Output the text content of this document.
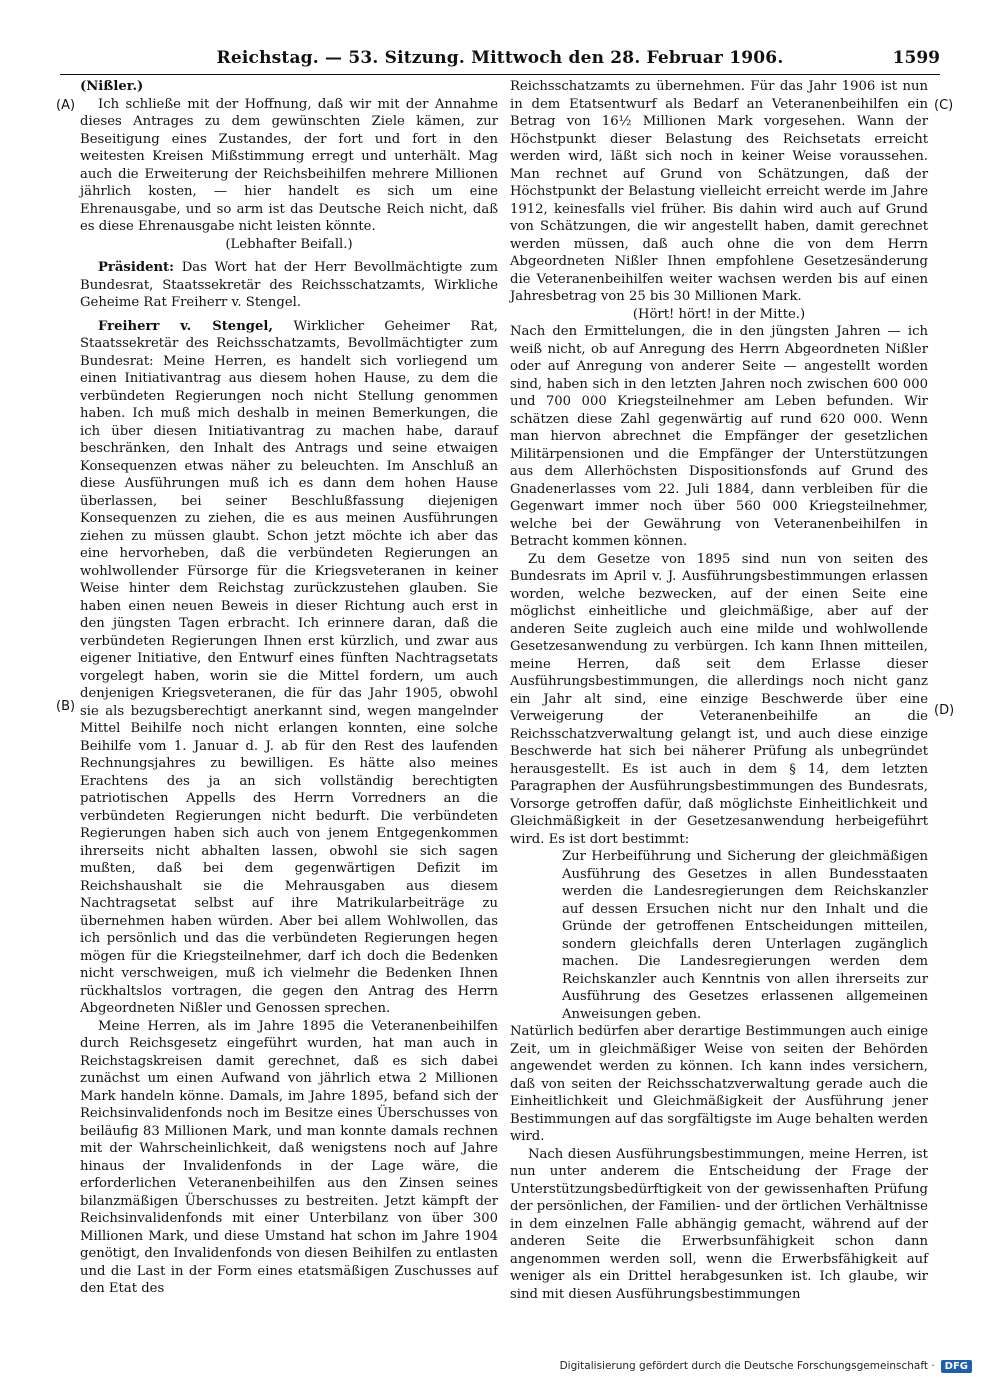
Reichstag. — 53. Sitzung. Mittwoch den 28. Februar 1906.	1599
(A)
(B)
(C)
(D)

(Nißler.)

Ich schließe mit der Hoffnung, daß wir mit der Annahme dieses Antrages zu dem gewünschten Ziele kämen, zur Beseitigung eines Zustandes, der fort und fort in den weitesten Kreisen Mißstimmung erregt und unterhält. Mag auch die Erweiterung der Reichsbeihilfen mehrere Millionen jährlich kosten, — hier handelt es sich um eine Ehrenausgabe, und so arm ist das Deutsche Reich nicht, daß es diese Ehrenausgabe nicht leisten könnte.

(Lebhafter Beifall.)

Präsident: Das Wort hat der Herr Bevollmächtigte zum Bundesrat, Staatssekretär des Reichsschatzamts, Wirkliche Geheime Rat Freiherr v. Stengel.

Freiherr v. Stengel, Wirklicher Geheimer Rat, Staatssekretär des Reichsschatzamts, Bevollmächtigter zum Bundesrat: Meine Herren, es handelt sich vorliegend um einen Initiativantrag aus diesem hohen Hause, zu dem die verbündeten Regierungen noch nicht Stellung genommen haben. Ich muß mich deshalb in meinen Bemerkungen, die ich über diesen Initiativantrag zu machen habe, darauf beschränken, den Inhalt des Antrags und seine etwaigen Konsequenzen etwas näher zu beleuchten. Im Anschluß an diese Ausführungen muß ich es dann dem hohen Hause überlassen, bei seiner Beschlußfassung diejenigen Konsequenzen zu ziehen, die es aus meinen Ausführungen ziehen zu müssen glaubt. Schon jetzt möchte ich aber das eine hervorheben, daß die verbündeten Regierungen an wohlwollender Fürsorge für die Kriegsveteranen in keiner Weise hinter dem Reichstag zurückzustehen glauben. Sie haben einen neuen Beweis in dieser Richtung auch erst in den jüngsten Tagen erbracht. Ich erinnere daran, daß die verbündeten Regierungen Ihnen erst kürzlich, und zwar aus eigener Initiative, den Entwurf eines fünften Nachtragsetats vorgelegt haben, worin sie die Mittel fordern, um auch denjenigen Kriegsveteranen, die für das Jahr 1905, obwohl sie als bezugsberechtigt anerkannt sind, wegen mangelnder Mittel Beihilfe noch nicht erlangen konnten, eine solche Beihilfe vom 1. Januar d. J. ab für den Rest des laufenden Rechnungsjahres zu bewilligen. Es hätte also meines Erachtens des ja an sich vollständig berechtigten patriotischen Appells des Herrn Vorredners an die verbündeten Regierungen nicht bedurft. Die verbündeten Regierungen haben sich auch von jenem Entgegenkommen ihrerseits nicht abhalten lassen, obwohl sie sich sagen mußten, daß bei dem gegenwärtigen Defizit im Reichshaushalt sie die Mehrausgaben aus diesem Nachtragsetat selbst auf ihre Matrikularbeiträge zu übernehmen haben würden. Aber bei allem Wohlwollen, das ich persönlich und das die verbündeten Regierungen hegen mögen für die Kriegsteilnehmer, darf ich doch die Bedenken nicht verschweigen, muß ich vielmehr die Bedenken Ihnen rückhaltslos vortragen, die gegen den Antrag des Herrn Abgeordneten Nißler und Genossen sprechen.

Meine Herren, als im Jahre 1895 die Veteranenbeihilfen durch Reichsgesetz eingeführt wurden, hat man auch in Reichstagskreisen damit gerechnet, daß es sich dabei zunächst um einen Aufwand von jährlich etwa 2 Millionen Mark handeln könne. Damals, im Jahre 1895, befand sich der Reichsinvalidenfonds noch im Besitze eines Überschusses von beiläufig 83 Millionen Mark, und man konnte damals rechnen mit der Wahrscheinlichkeit, daß wenigstens noch auf Jahre hinaus der Invalidenfonds in der Lage wäre, die erforderlichen Veteranenbeihilfen aus den Zinsen seines bilanzmäßigen Überschusses zu bestreiten. Jetzt kämpft der Reichsinvalidenfonds mit einer Unterbilanz von über 300 Millionen Mark, und diese Umstand hat schon im Jahre 1904 genötigt, den Invalidenfonds von diesen Beihilfen zu entlasten und die Last in der Form eines etatsmäßigen Zuschusses auf den Etat des

Reichsschatzamts zu übernehmen. Für das Jahr 1906 ist nun in dem Etatsentwurf als Bedarf an Veteranenbeihilfen ein Betrag von 16½ Millionen Mark vorgesehen. Wann der Höchstpunkt dieser Belastung des Reichsetats erreicht werden wird, läßt sich noch in keiner Weise voraussehen. Man rechnet auf Grund von Schätzungen, daß der Höchstpunkt der Belastung vielleicht erreicht werde im Jahre 1912, keinesfalls viel früher. Bis dahin wird auch auf Grund von Schätzungen, die wir angestellt haben, damit gerechnet werden müssen, daß auch ohne die von dem Herrn Abgeordneten Nißler Ihnen empfohlene Gesetzesänderung die Veteranenbeihilfen weiter wachsen werden bis auf einen Jahresbetrag von 25 bis 30 Millionen Mark.

(Hört! hört! in der Mitte.)

Nach den Ermittelungen, die in den jüngsten Jahren — ich weiß nicht, ob auf Anregung des Herrn Abgeordneten Nißler oder auf Anregung von anderer Seite — angestellt worden sind, haben sich in den letzten Jahren noch zwischen 600 000 und 700 000 Kriegsteilnehmer am Leben befunden. Wir schätzen diese Zahl gegenwärtig auf rund 620 000. Wenn man hiervon abrechnet die Empfänger der gesetzlichen Militärpensionen und die Empfänger der Unterstützungen aus dem Allerhöchsten Dispositionsfonds auf Grund des Gnadenerlasses vom 22. Juli 1884, dann verbleiben für die Gegenwart immer noch über 560 000 Kriegsteilnehmer, welche bei der Gewährung von Veteranenbeihilfen in Betracht kommen können.

Zu dem Gesetze von 1895 sind nun von seiten des Bundesrats im April v. J. Ausführungsbestimmungen erlassen worden, welche bezwecken, auf der einen Seite eine möglichst einheitliche und gleichmäßige, aber auf der anderen Seite zugleich auch eine milde und wohlwollende Gesetzesanwendung zu verbürgen. Ich kann Ihnen mitteilen, meine Herren, daß seit dem Erlasse dieser Ausführungsbestimmungen, die allerdings noch nicht ganz ein Jahr alt sind, eine einzige Beschwerde über eine Verweigerung der Veteranenbeihilfe an die Reichsschatzverwaltung gelangt ist, und auch diese einzige Beschwerde hat sich bei näherer Prüfung als unbegründet herausgestellt. Es ist auch in dem § 14, dem letzten Paragraphen der Ausführungsbestimmungen des Bundesrats, Vorsorge getroffen dafür, daß möglichste Einheitlichkeit und Gleichmäßigkeit in der Gesetzesanwendung herbeigeführt wird. Es ist dort bestimmt:

Zur Herbeiführung und Sicherung der gleichmäßigen Ausführung des Gesetzes in allen Bundesstaaten werden die Landesregierungen dem Reichskanzler auf dessen Ersuchen nicht nur den Inhalt und die Gründe der getroffenen Entscheidungen mitteilen, sondern gleichfalls deren Unterlagen zugänglich machen. Die Landesregierungen werden dem Reichskanzler auch Kenntnis von allen ihrerseits zur Ausführung des Gesetzes erlassenen allgemeinen Anweisungen geben.

Natürlich bedürfen aber derartige Bestimmungen auch einige Zeit, um in gleichmäßiger Weise von seiten der Behörden angewendet werden zu können. Ich kann indes versichern, daß von seiten der Reichsschatzverwaltung gerade auch die Einheitlichkeit und Gleichmäßigkeit der Ausführung jener Bestimmungen auf das sorgfältigste im Auge behalten werden wird.

Nach diesen Ausführungsbestimmungen, meine Herren, ist nun unter anderem die Entscheidung der Frage der Unterstützungsbedürftigkeit von der gewissenhaften Prüfung der persönlichen, der Familien- und der örtlichen Verhältnisse in dem einzelnen Falle abhängig gemacht, während auf der anderen Seite die Erwerbsunfähigkeit schon dann angenommen werden soll, wenn die Erwerbsfähigkeit auf weniger als ein Drittel herabgesunken ist. Ich glaube, wir sind mit diesen Ausführungsbestimmungen

Digitalisierung gefördert durch die Deutsche Forschungsgemeinschaft ·	DFG
